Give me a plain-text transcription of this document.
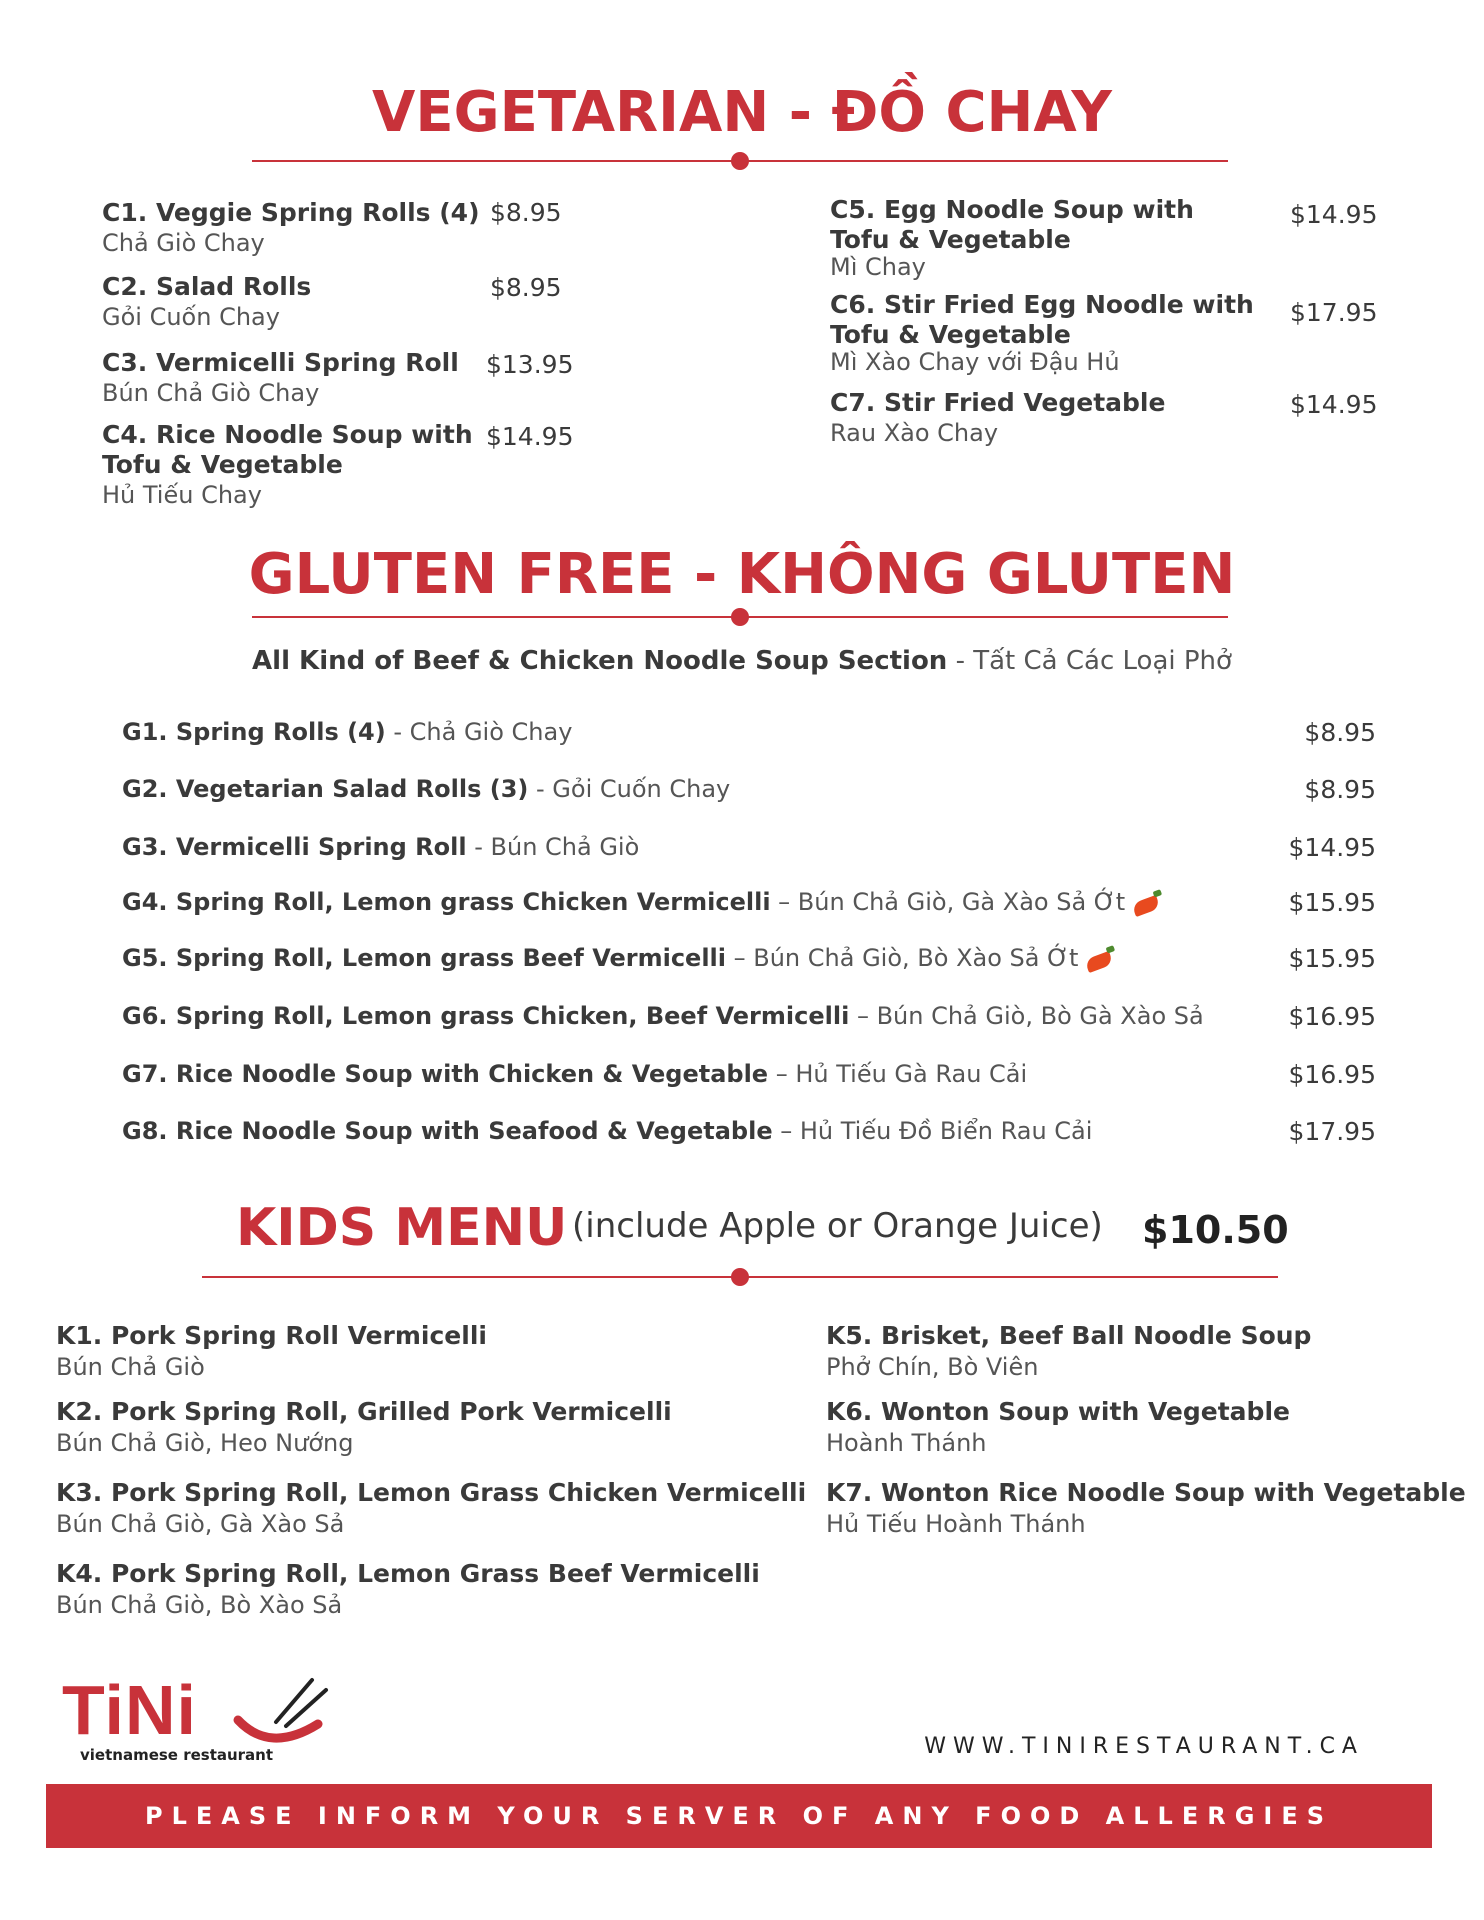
VEGETARIAN - ĐỒ CHAY
C1. Veggie Spring Rolls (4)
Chả Giò Chay
$8.95
C2. Salad Rolls
Gỏi Cuốn Chay
$8.95
C3. Vermicelli Spring Roll
Bún Chả Giò Chay
$13.95
C4. Rice Noodle Soup with
Tofu & Vegetable
Hủ Tiếu Chay
$14.95
C5. Egg Noodle Soup with
Tofu & Vegetable
Mì Chay
$14.95
C6. Stir Fried Egg Noodle with
Tofu & Vegetable
Mì Xào Chay với Đậu Hủ
$17.95
C7. Stir Fried Vegetable
Rau Xào Chay
$14.95
GLUTEN FREE - KHÔNG GLUTEN
All Kind of Beef & Chicken Noodle Soup Section - Tất Cả Các Loại Phở
G1. Spring Rolls (4) - Chả Giò Chay	$8.95
G2. Vegetarian Salad Rolls (3) - Gỏi Cuốn Chay	$8.95
G3. Vermicelli Spring Roll - Bún Chả Giò	$14.95
G4. Spring Roll, Lemon grass Chicken Vermicelli – Bún Chả Giò, Gà Xào Sả Ớt	$15.95
G5. Spring Roll, Lemon grass Beef Vermicelli – Bún Chả Giò, Bò Xào Sả Ớt	$15.95
G6. Spring Roll, Lemon grass Chicken, Beef Vermicelli – Bún Chả Giò, Bò Gà Xào Sả	$16.95
G7. Rice Noodle Soup with Chicken & Vegetable – Hủ Tiếu Gà Rau Cải	$16.95
G8. Rice Noodle Soup with Seafood & Vegetable – Hủ Tiếu Đồ Biển Rau Cải	$17.95
KIDS MENU (include Apple or Orange Juice) $10.50
K1. Pork Spring Roll Vermicelli
Bún Chả Giò
K2. Pork Spring Roll, Grilled Pork Vermicelli
Bún Chả Giò, Heo Nướng
K3. Pork Spring Roll, Lemon Grass Chicken Vermicelli
Bún Chả Giò, Gà Xào Sả
K4. Pork Spring Roll, Lemon Grass Beef Vermicelli
Bún Chả Giò, Bò Xào Sả
K5. Brisket, Beef Ball Noodle Soup
Phở Chín, Bò Viên
K6. Wonton Soup with Vegetable
Hoành Thánh
K7. Wonton Rice Noodle Soup with Vegetable
Hủ Tiếu Hoành Thánh
TiNi
vietnamese restaurant	WWW.TINIRESTAURANT.CA
PLEASE INFORM YOUR SERVER OF ANY FOOD ALLERGIES
